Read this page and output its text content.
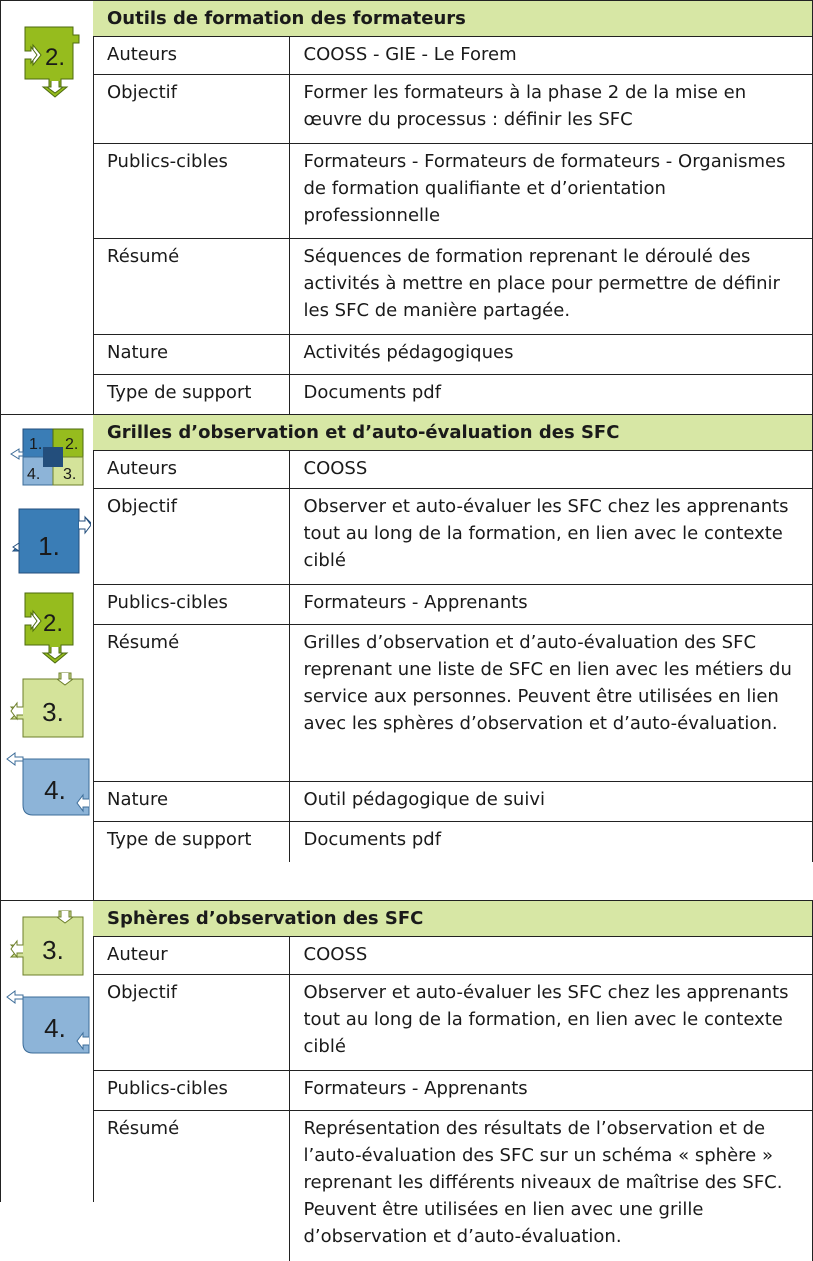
2.
Outils de formation des formateurs
Auteurs	COOSS - GIE - Le Forem
Objectif	Former les formateurs à la phase 2 de la mise en œuvre du processus : définir les SFC
Publics-cibles	Formateurs - Formateurs de formateurs - Organismes de formation qualifiante et d’orientation professionnelle
Résumé	Séquences de formation reprenant le déroulé des activités à mettre en place pour permettre de définir les SFC de manière partagée.
Nature	Activités pédagogiques
Type de support	Documents pdf
1. 2.
4. 3.
1.
2.
3.
4.
Grilles d’observation et d’auto-évaluation des SFC
Auteurs	COOSS
Objectif	Observer et auto-évaluer les SFC chez les apprenants tout au long de la formation, en lien avec le contexte ciblé
Publics-cibles	Formateurs - Apprenants
Résumé	Grilles d’observation et d’auto-évaluation des SFC reprenant une liste de SFC en lien avec les métiers du service aux personnes. Peuvent être utilisées en lien avec les sphères d’observation et d’auto-évaluation.
Nature	Outil pédagogique de suivi
Type de support	Documents pdf
3.
4.
Sphères d’observation des SFC
Auteur	COOSS
Objectif	Observer et auto-évaluer les SFC chez les apprenants tout au long de la formation, en lien avec le contexte ciblé
Publics-cibles	Formateurs - Apprenants
Résumé	Représentation des résultats de l’observation et de l’auto-évaluation des SFC sur un schéma « sphère » reprenant les différents niveaux de maîtrise des SFC. Peuvent être utilisées en lien avec une grille d’observation et d’auto-évaluation.
